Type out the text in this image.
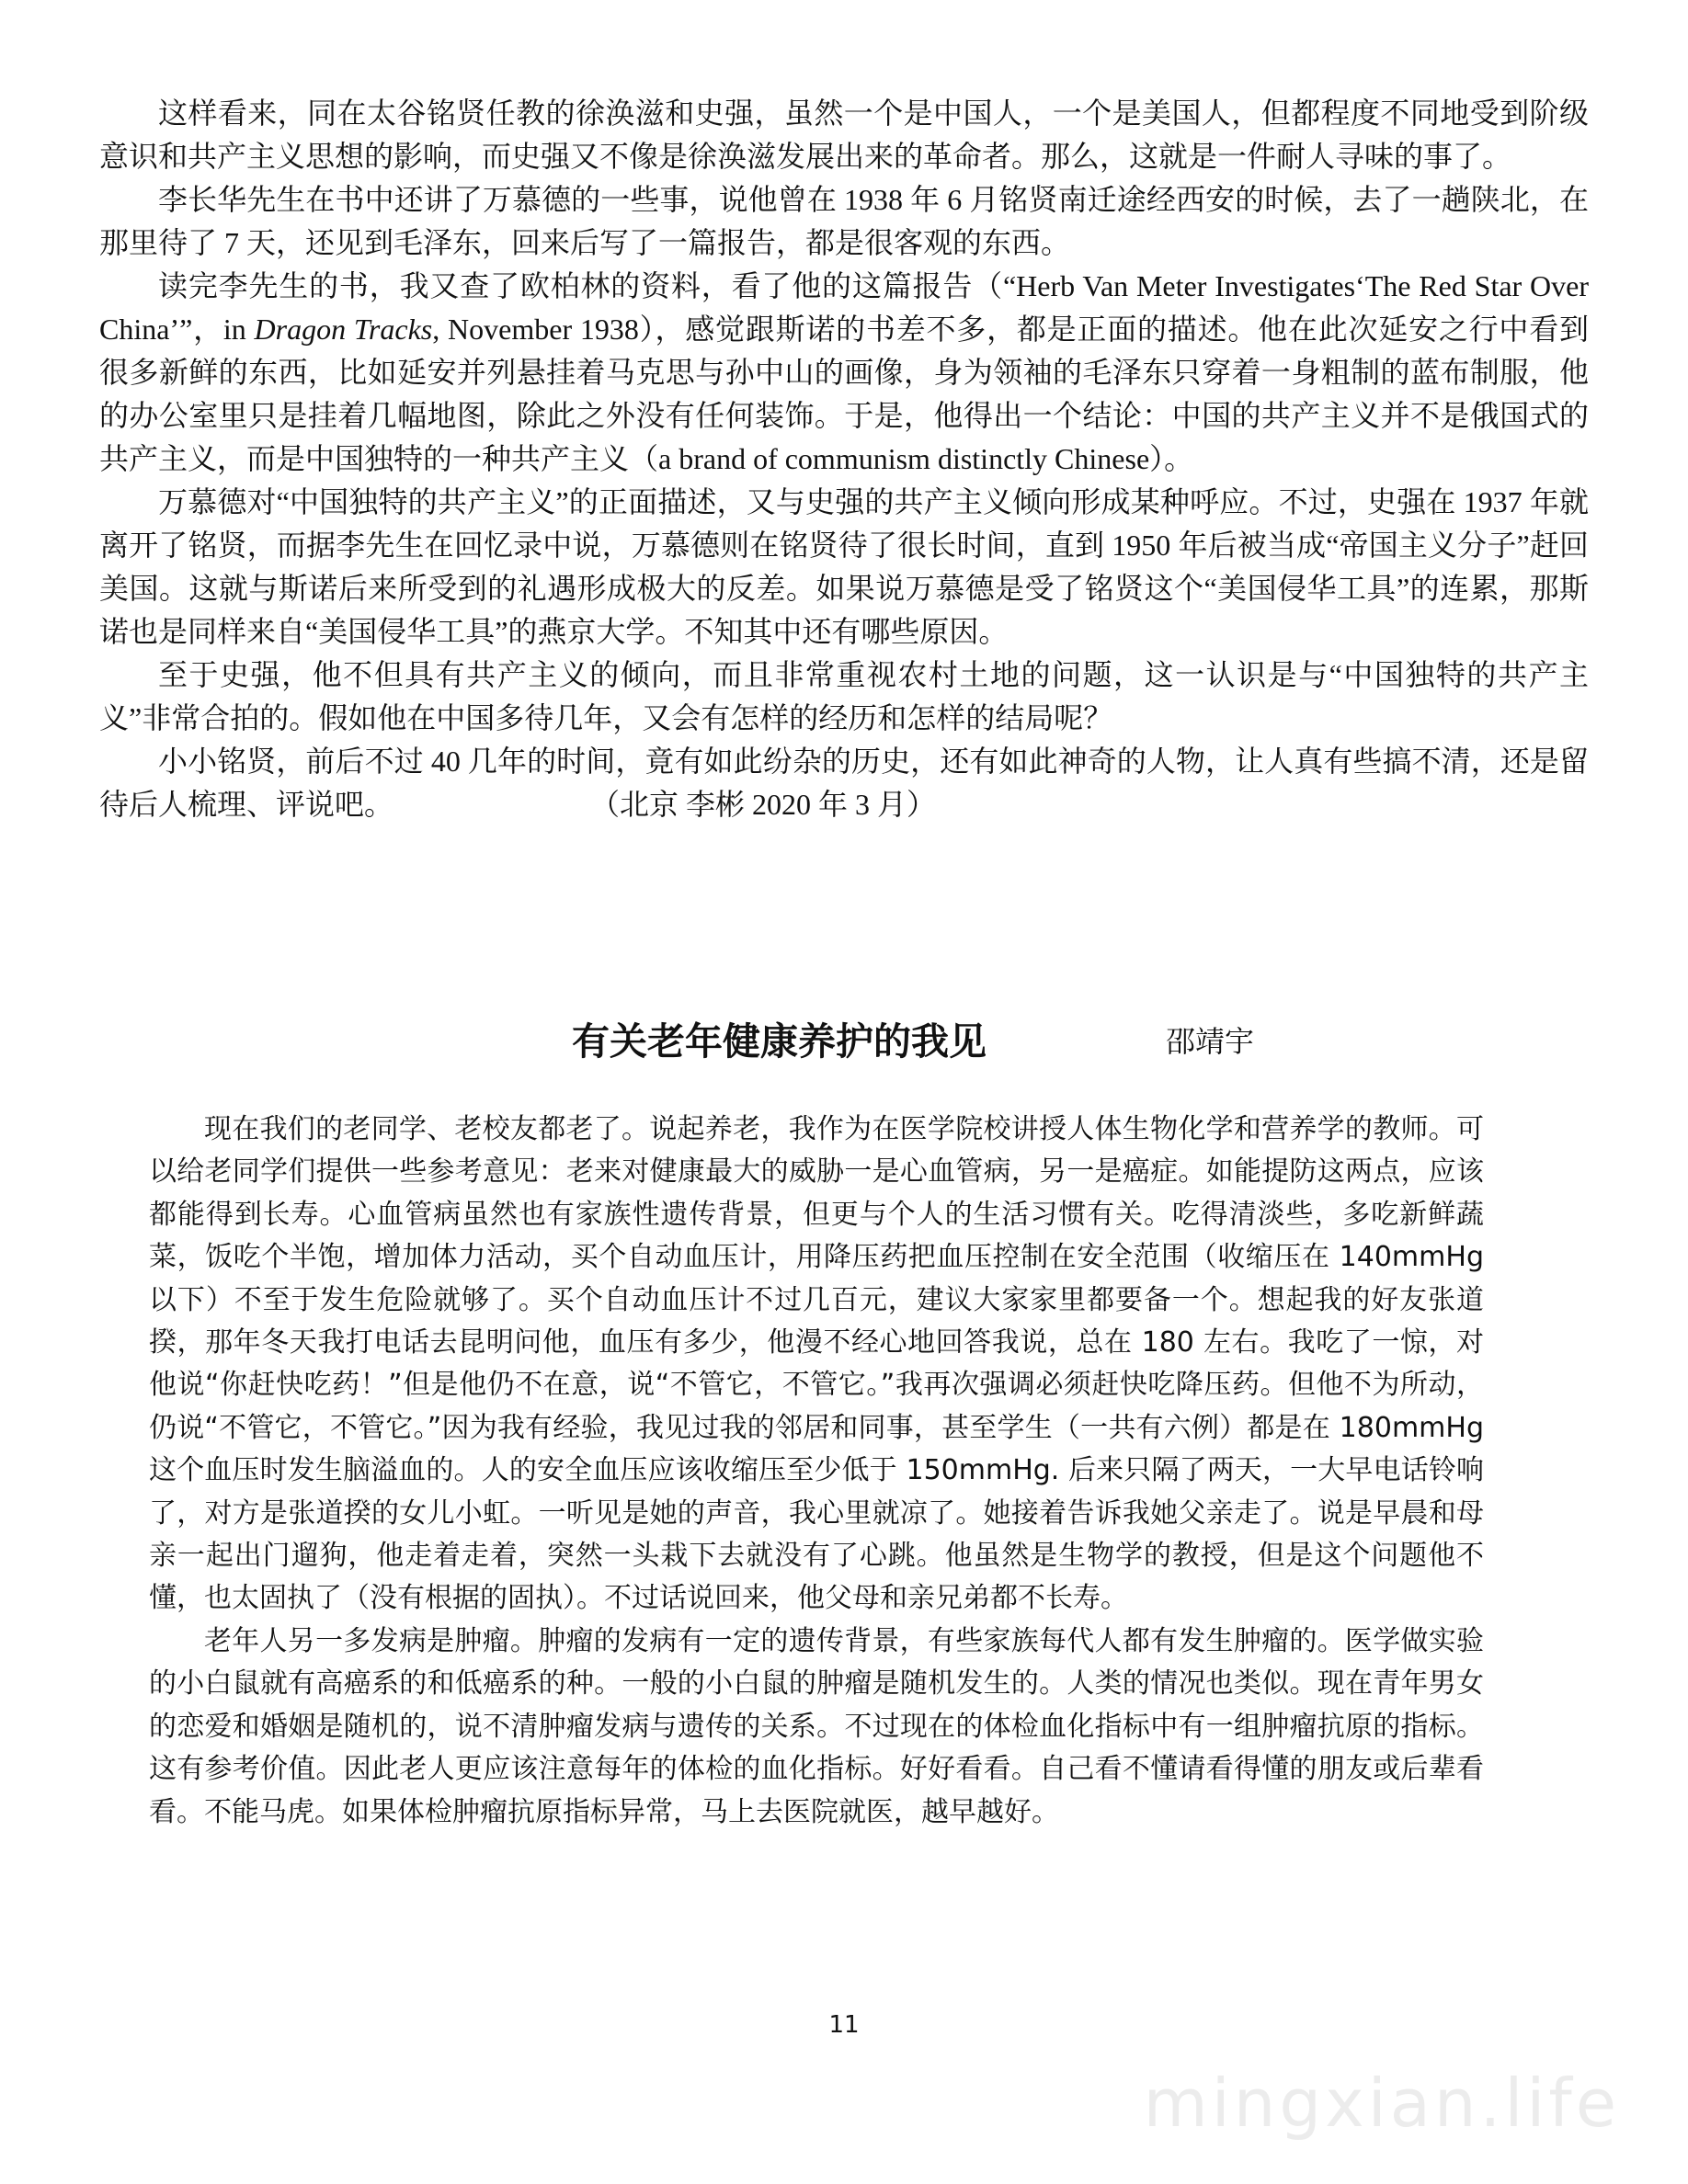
这样看来，同在太谷铭贤任教的徐涣滋和史强，虽然一个是中国人，一个是美国人，但都程度不同地受到阶级意识和共产主义思想的影响，而史强又不像是徐涣滋发展出来的革命者。那么，这就是一件耐人寻味的事了。

李长华先生在书中还讲了万慕德的一些事，说他曾在 1938 年 6 月铭贤南迁途经西安的时候，去了一趟陕北，在那里待了 7 天，还见到毛泽东，回来后写了一篇报告，都是很客观的东西。

读完李先生的书，我又查了欧柏林的资料，看了他的这篇报告（“Herb Van Meter Investigates‘The Red Star Over China’”，in Dragon Tracks, November 1938），感觉跟斯诺的书差不多，都是正面的描述。他在此次延安之行中看到很多新鲜的东西，比如延安并列悬挂着马克思与孙中山的画像，身为领袖的毛泽东只穿着一身粗制的蓝布制服，他的办公室里只是挂着几幅地图，除此之外没有任何装饰。于是，他得出一个结论：中国的共产主义并不是俄国式的共产主义，而是中国独特的一种共产主义（a brand of communism distinctly Chinese）。

万慕德对“中国独特的共产主义”的正面描述，又与史强的共产主义倾向形成某种呼应。不过，史强在 1937 年就离开了铭贤，而据李先生在回忆录中说，万慕德则在铭贤待了很长时间，直到 1950 年后被当成“帝国主义分子”赶回美国。这就与斯诺后来所受到的礼遇形成极大的反差。如果说万慕德是受了铭贤这个“美国侵华工具”的连累，那斯诺也是同样来自“美国侵华工具”的燕京大学。不知其中还有哪些原因。

至于史强，他不但具有共产主义的倾向，而且非常重视农村土地的问题，这一认识是与“中国独特的共产主义”非常合拍的。假如他在中国多待几年，又会有怎样的经历和怎样的结局呢？

小小铭贤，前后不过 40 几年的时间，竟有如此纷杂的历史，还有如此神奇的人物，让人真有些搞不清，还是留待后人梳理、评说吧。	（北京 李彬 2020 年 3 月）

有关老年健康养护的我见	邵靖宇

现在我们的老同学、老校友都老了。说起养老，我作为在医学院校讲授人体生物化学和营养学的教师。可以给老同学们提供一些参考意见：老来对健康最大的威胁一是心血管病，另一是癌症。如能提防这两点，应该都能得到长寿。心血管病虽然也有家族性遗传背景，但更与个人的生活习惯有关。吃得清淡些，多吃新鲜蔬菜，饭吃个半饱，增加体力活动，买个自动血压计，用降压药把血压控制在安全范围（收缩压在 140mmHg 以下）不至于发生危险就够了。买个自动血压计不过几百元，建议大家家里都要备一个。想起我的好友张道揆，那年冬天我打电话去昆明问他，血压有多少，他漫不经心地回答我说，总在 180 左右。我吃了一惊，对他说“你赶快吃药！”但是他仍不在意，说“不管它，不管它。”我再次强调必须赶快吃降压药。但他不为所动，仍说“不管它，不管它。”因为我有经验，我见过我的邻居和同事，甚至学生（一共有六例）都是在 180mmHg 这个血压时发生脑溢血的。人的安全血压应该收缩压至少低于 150mmHg. 后来只隔了两天，一大早电话铃响了，对方是张道揆的女儿小虹。一听见是她的声音，我心里就凉了。她接着告诉我她父亲走了。说是早晨和母亲一起出门遛狗，他走着走着，突然一头栽下去就没有了心跳。他虽然是生物学的教授，但是这个问题他不懂，也太固执了（没有根据的固执）。不过话说回来，他父母和亲兄弟都不长寿。

老年人另一多发病是肿瘤。肿瘤的发病有一定的遗传背景，有些家族每代人都有发生肿瘤的。医学做实验的小白鼠就有高癌系的和低癌系的种。一般的小白鼠的肿瘤是随机发生的。人类的情况也类似。现在青年男女的恋爱和婚姻是随机的，说不清肿瘤发病与遗传的关系。不过现在的体检血化指标中有一组肿瘤抗原的指标。这有参考价值。因此老人更应该注意每年的体检的血化指标。好好看看。自己看不懂请看得懂的朋友或后辈看看。不能马虎。如果体检肿瘤抗原指标异常，马上去医院就医，越早越好。

11
mingxian.life
